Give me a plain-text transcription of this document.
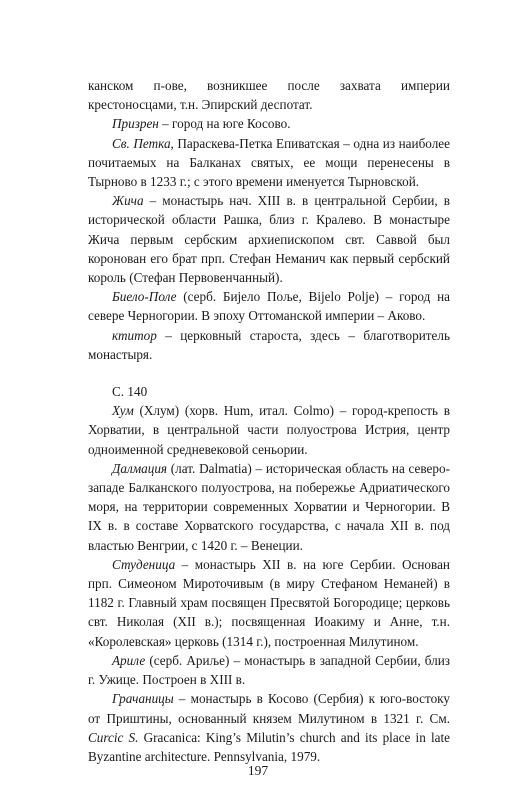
канском п-ове, возникшее после захвата империи крестоносцами, т.н. Эпирский деспотат.

Призрен – город на юге Косово.

Св. Петка, Параскева-Петка Епиватская – одна из наиболее почитаемых на Балканах святых, ее мощи перенесены в Тырново в 1233 г.; с этого времени именуется Тырновской.

Жича – монастырь нач. XIII в. в центральной Сербии, в исторической области Рашка, близ г. Кралево. В монастыре Жича первым сербским архиепископом свт. Саввой был коронован его брат прп. Стефан Неманич как первый сербский король (Стефан Первовенчанный).

Биело-Поле (серб. Бијело Поље, Bijelo Polje) – город на севере Черногории. В эпоху Оттоманской империи – Аково.

ктитор – церковный староста, здесь – благотворитель монастыря.

С. 140

Хум (Хлум) (хорв. Hum, итал. Colmo) – город-крепость в Хорватии, в центральной части полуострова Истрия, центр одноименной средневековой сеньории.

Далмация (лат. Dalmatia) – историческая область на северо-западе Балканского полуострова, на побережье Адриатического моря, на территории современных Хорватии и Черногории. В IX в. в составе Хорватского государства, с начала XII в. под властью Венгрии, с 1420 г. – Венеции.

Студеница – монастырь XII в. на юге Сербии. Основан прп. Симеоном Мироточивым (в миру Стефаном Неманей) в 1182 г. Главный храм посвящен Пресвятой Богородице; церковь свт. Николая (XII в.); посвященная Иоакиму и Анне, т.н. «Королевская» церковь (1314 г.), построенная Милутином.

Ариле (серб. Ариље) – монастырь в западной Сербии, близ г. Ужице. Построен в XIII в.

Грачаницы – монастырь в Косово (Сербия) к юго-востоку от Приштины, основанный князем Милутином в 1321 г. См. Curcic S. Gracanica: King’s Milutin’s church and its place in late Byzantine architecture. Pennsylvania, 1979.

197
